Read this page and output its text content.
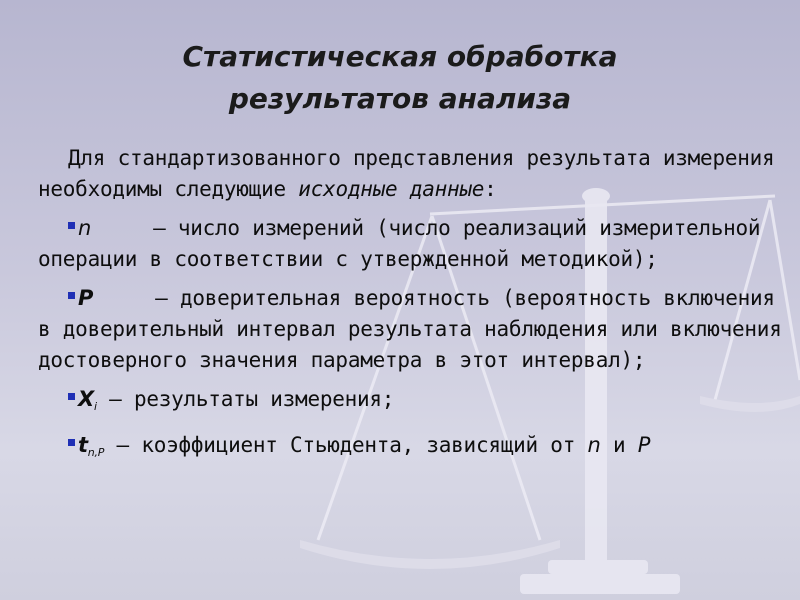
Статистическая обработка
результатов анализа

Для стандартизованного представления результата измерения необходимы следующие исходные данные:

n	– число измерений (число реализаций измерительной операции в соответствии с утвержденной методикой);

P	– доверительная вероятность (вероятность включения в доверительный интервал результата наблюдения или включения достоверного значения параметра в этот интервал);

$X_i$ – результаты измерения;

$t_{n,P}$ – коэффициент Стьюдента, зависящий от n и P
